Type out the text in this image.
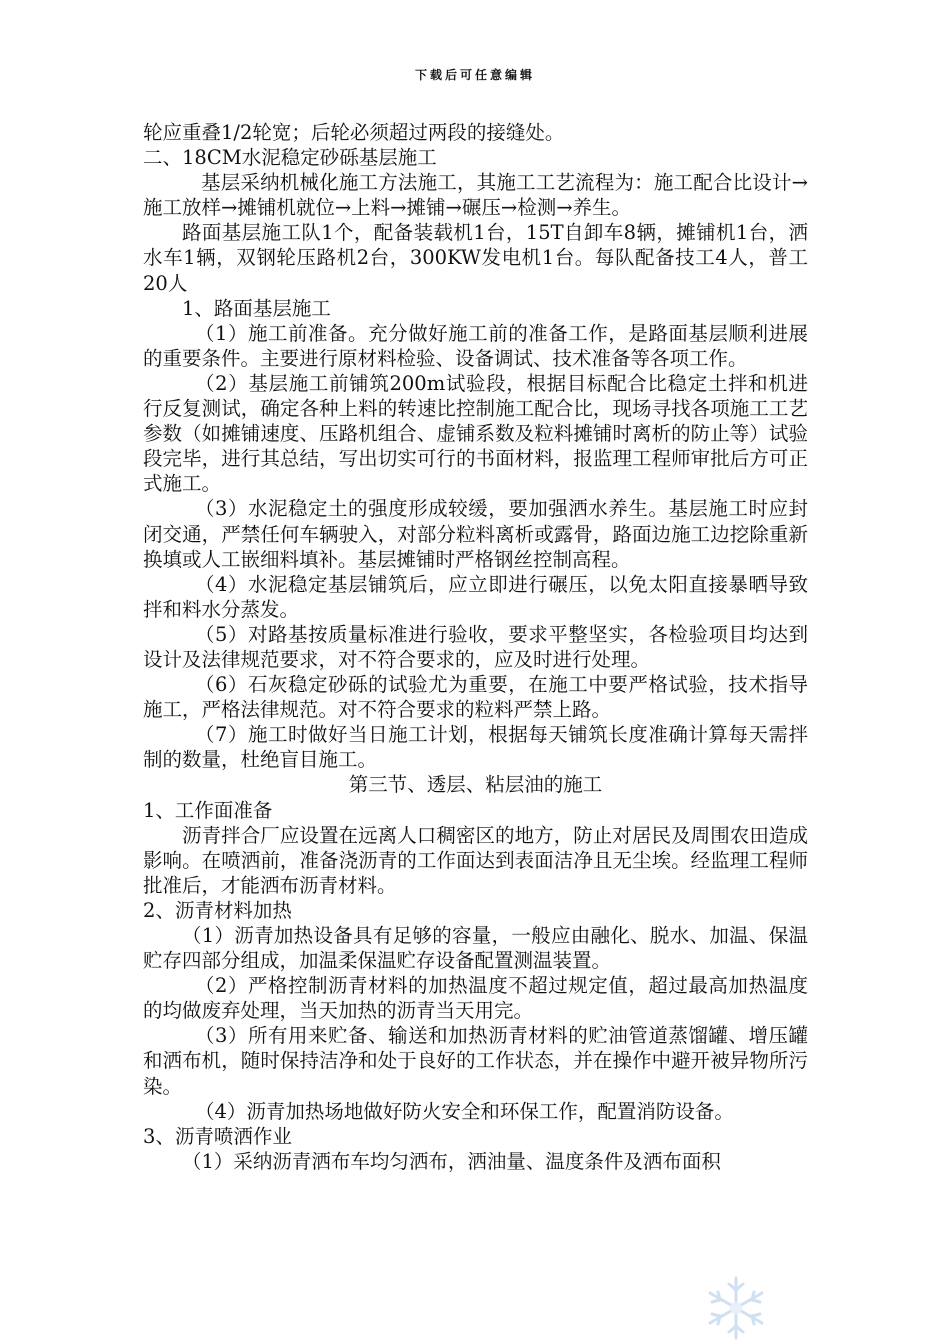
下载后可任意编辑

轮应重叠1/2轮宽；后轮必须超过两段的接缝处。

二、18CM水泥稳定砂砾基层施工

基层采纳机械化施工方法施工，其施工工艺流程为：施工配合比设计→施工放样→摊铺机就位→上料→摊铺→碾压→检测→养生。

路面基层施工队1个，配备装载机1台，15T自卸车8辆，摊铺机1台，洒水车1辆，双钢轮压路机2台，300KW发电机1台。每队配备技工4人，普工20人

1、路面基层施工

（1）施工前准备。充分做好施工前的准备工作，是路面基层顺利进展的重要条件。主要进行原材料检验、设备调试、技术准备等各项工作。

（2）基层施工前铺筑200m试验段，根据目标配合比稳定土拌和机进行反复测试，确定各种上料的转速比控制施工配合比，现场寻找各项施工工艺参数（如摊铺速度、压路机组合、虚铺系数及粒料摊铺时离析的防止等）试验段完毕，进行其总结，写出切实可行的书面材料，报监理工程师审批后方可正式施工。

（3）水泥稳定土的强度形成较缓，要加强洒水养生。基层施工时应封闭交通，严禁任何车辆驶入，对部分粒料离析或露骨，路面边施工边挖除重新换填或人工嵌细料填补。基层摊铺时严格钢丝控制高程。

（4）水泥稳定基层铺筑后，应立即进行碾压，以免太阳直接暴晒导致拌和料水分蒸发。

（5）对路基按质量标准进行验收，要求平整坚实，各检验项目均达到设计及法律规范要求，对不符合要求的，应及时进行处理。

（6）石灰稳定砂砾的试验尤为重要，在施工中要严格试验，技术指导施工，严格法律规范。对不符合要求的粒料严禁上路。

（7）施工时做好当日施工计划，根据每天铺筑长度准确计算每天需拌制的数量，杜绝盲目施工。

第三节、透层、粘层油的施工

1、工作面准备

沥青拌合厂应设置在远离人口稠密区的地方，防止对居民及周围农田造成影响。在喷洒前，准备浇沥青的工作面达到表面洁净且无尘埃。经监理工程师批准后，才能洒布沥青材料。

2、沥青材料加热

（1）沥青加热设备具有足够的容量，一般应由融化、脱水、加温、保温贮存四部分组成，加温柔保温贮存设备配置测温装置。

（2）严格控制沥青材料的加热温度不超过规定值，超过最高加热温度的均做废弃处理，当天加热的沥青当天用完。

（3）所有用来贮备、输送和加热沥青材料的贮油管道蒸馏罐、增压罐和洒布机，随时保持洁净和处于良好的工作状态，并在操作中避开被异物所污染。

（4）沥青加热场地做好防火安全和环保工作，配置消防设备。

3、沥青喷洒作业

（1）采纳沥青洒布车均匀洒布，洒油量、温度条件及洒布面积
